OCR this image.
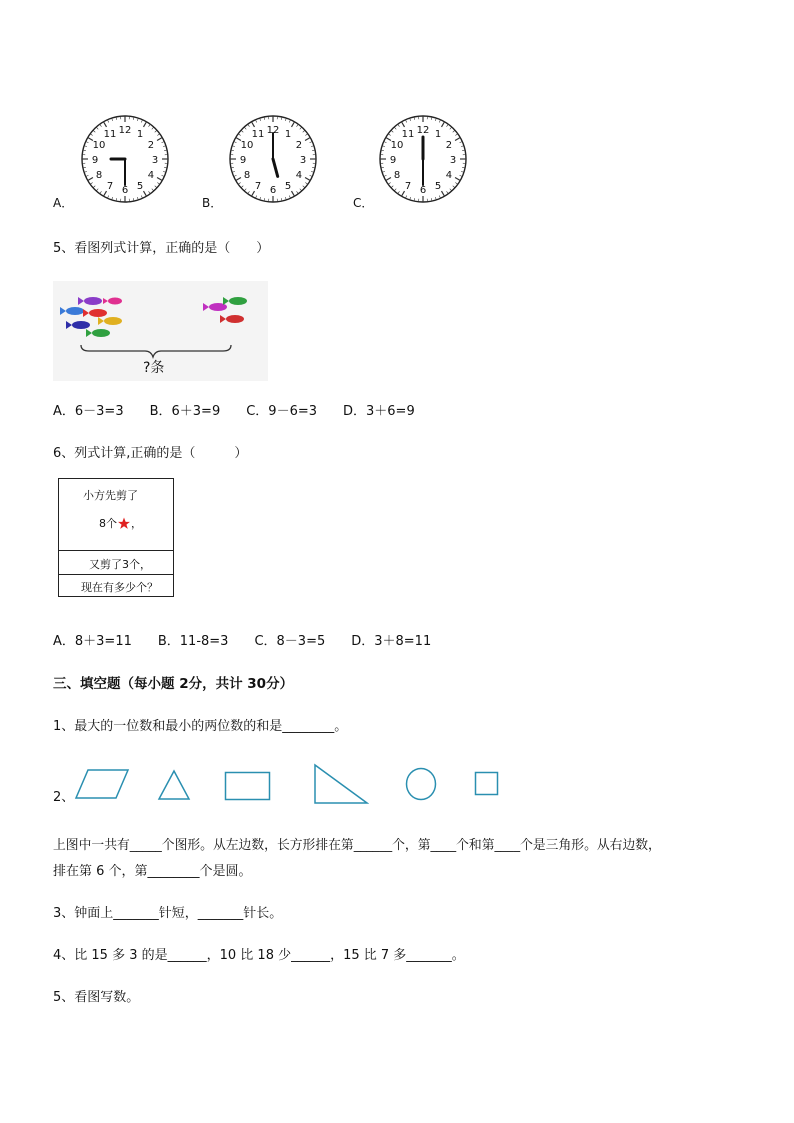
12 1
2
3
4
5
6
7
8
9
10
11
A．
12 1
2
3
4
5
6
7
8
9
10
11
B．
12 1
2
3
4
5
6
7
8
9
10
11
C．
5、看图列式计算，正确的是（　　）
?条
A．6－3=3　　B．6＋3=9　　C．9－6=3　　D．3＋6=9
6、列式计算,正确的是（　　　）
小方先剪了
8个 ，
又剪了3个，
现在有多少个？
A．8＋3=11　　B．11-8=3　　C．8－3=5　　D．3＋8=11
三、填空题（每小题 2分，共计 30分）
1、最大的一位数和最小的两位数的和是________。
2、
上图中一共有_____个图形。从左边数，长方形排在第______个，第____个和第____个是三角形。从右边数，
排在第 6 个，第________个是圆。
3、钟面上_______针短，_______针长。
4、比 15 多 3 的是______，10 比 18 少______，15 比 7 多_______。
5、看图写数。
